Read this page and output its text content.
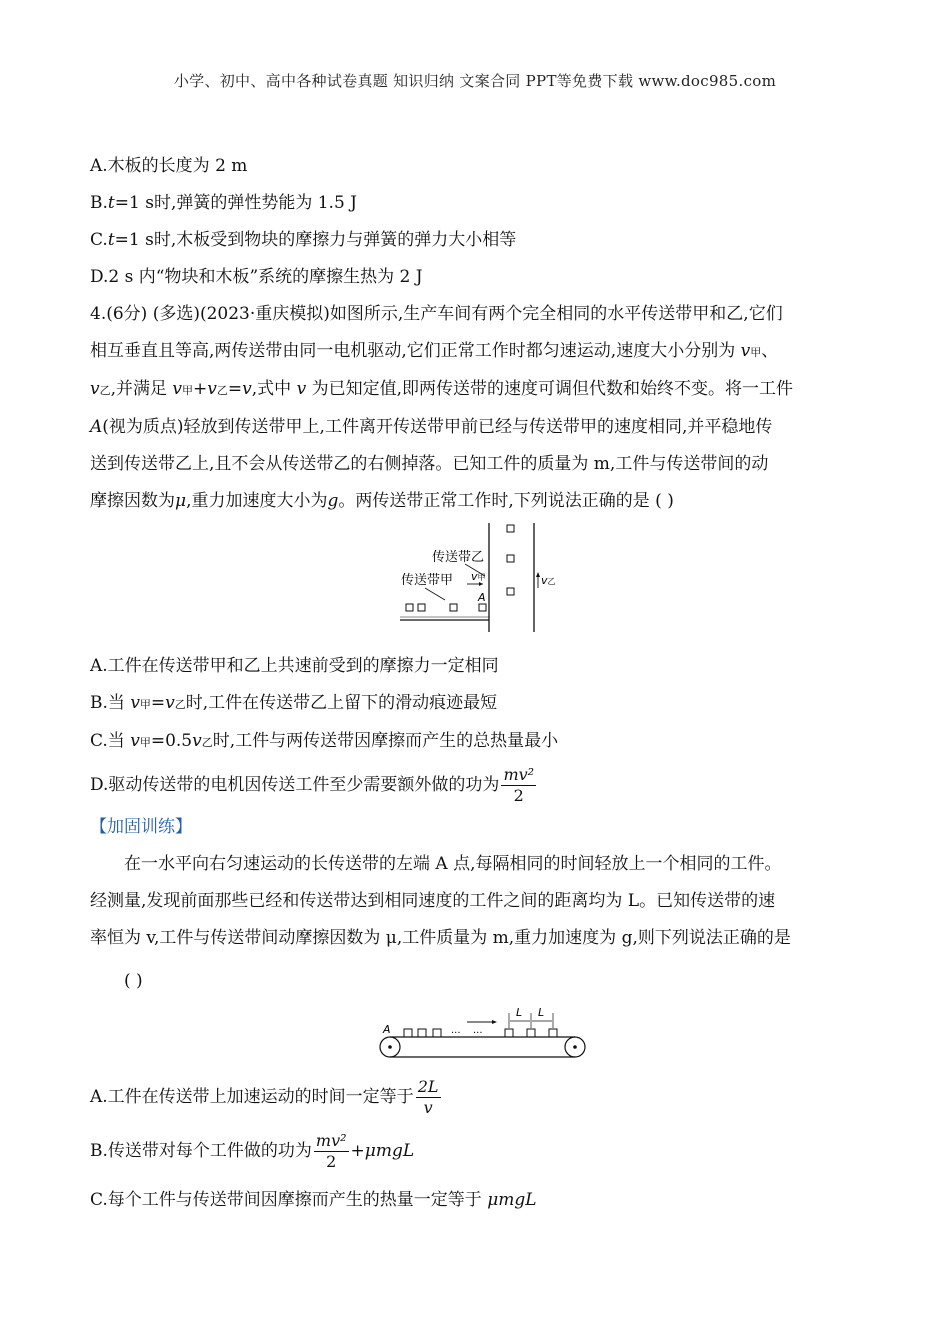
小学、初中、高中各种试卷真题 知识归纳 文案合同 PPT等免费下载 www.doc985.com
A.木板的长度为 2 m
B.t=1 s时,弹簧的弹性势能为 1.5 J
C.t=1 s时,木板受到物块的摩擦力与弹簧的弹力大小相等
D.2 s 内“物块和木板”系统的摩擦生热为 2 J
4.(6分) (多选)(2023·重庆模拟)如图所示,生产车间有两个完全相同的水平传送带甲和乙,它们
相互垂直且等高,两传送带由同一电机驱动,它们正常工作时都匀速运动,速度大小分别为 v甲、
v乙,并满足 v甲+v乙=v,式中 v 为已知定值,即两传送带的速度可调但代数和始终不变。将一工件
A(视为质点)轻放到传送带甲上,工件离开传送带甲前已经与传送带甲的速度相同,并平稳地传
送到传送带乙上,且不会从传送带乙的右侧掉落。已知工件的质量为 m,工件与传送带间的动
摩擦因数为μ,重力加速度大小为g。两传送带正常工作时,下列说法正确的是 ( )
传送带乙
传送带甲 v甲	v乙
A
A.工件在传送带甲和乙上共速前受到的摩擦力一定相同
B.当 v甲=v乙时,工件在传送带乙上留下的滑动痕迹最短
C.当 v甲=0.5v乙时,工件与两传送带因摩擦而产生的总热量最小
D.驱动传送带的电机因传送工件至少需要额外做的功为 $\frac{\text{mv²}}{2}$
【加固训练】
在一水平向右匀速运动的长传送带的左端 A 点,每隔相同的时间轻放上一个相同的工件。
经测量,发现前面那些已经和传送带达到相同速度的工件之间的距离均为 L。已知传送带的速
率恒为 v,工件与传送带间动摩擦因数为 μ,工件质量为 m,重力加速度为 g,则下列说法正确的是
( )
A	··· ···
L L
A.工件在传送带上加速运动的时间一定等于 $\frac{2L}{v}$
B.传送带对每个工件做的功为 $\frac{\text{mv²}}{2} +\mu mgL$
C.每个工件与传送带间因摩擦而产生的热量一定等于 μmgL
